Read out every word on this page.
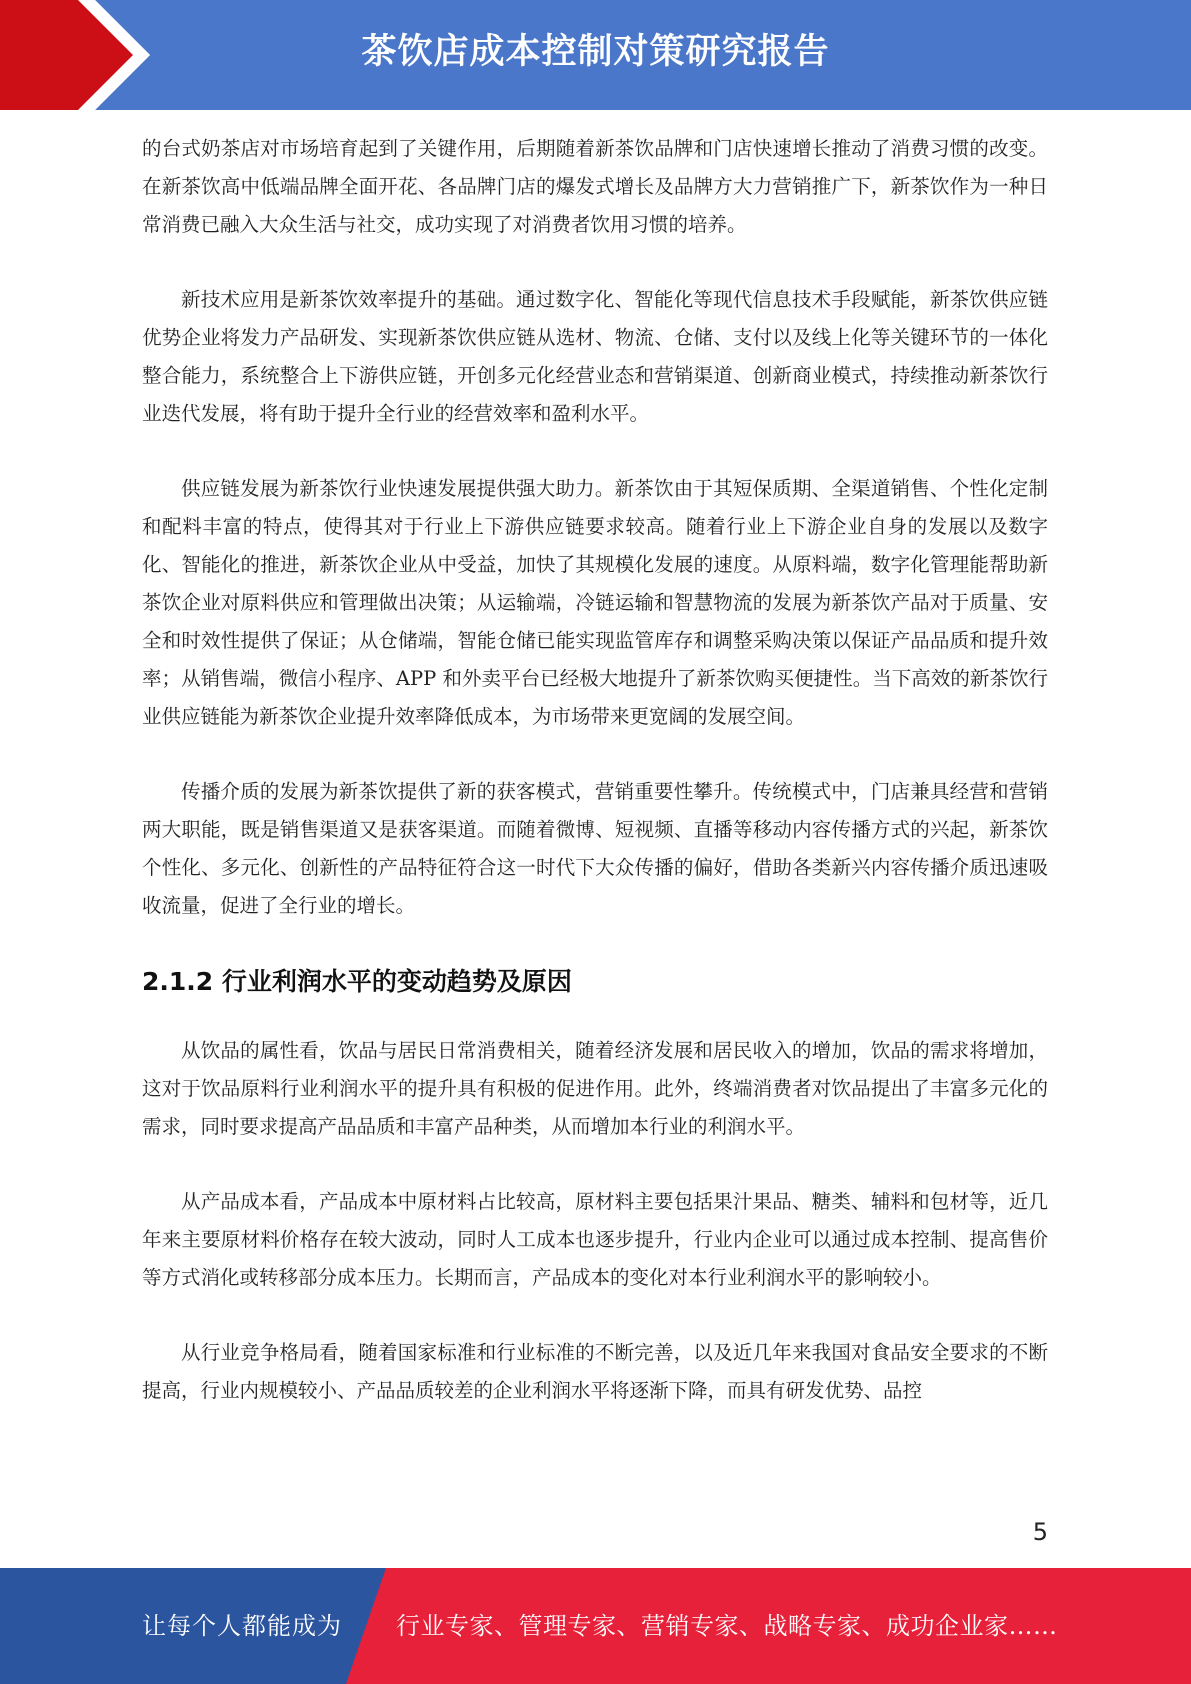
茶饮店成本控制对策研究报告

的台式奶茶店对市场培育起到了关键作用，后期随着新茶饮品牌和门店快速增长推动了消费习惯的改变。在新茶饮高中低端品牌全面开花、各品牌门店的爆发式增长及品牌方大力营销推广下，新茶饮作为一种日常消费已融入大众生活与社交，成功实现了对消费者饮用习惯的培养。

新技术应用是新茶饮效率提升的基础。通过数字化、智能化等现代信息技术手段赋能，新茶饮供应链优势企业将发力产品研发、实现新茶饮供应链从选材、物流、仓储、支付以及线上化等关键环节的一体化整合能力，系统整合上下游供应链，开创多元化经营业态和营销渠道、创新商业模式，持续推动新茶饮行业迭代发展，将有助于提升全行业的经营效率和盈利水平。

供应链发展为新茶饮行业快速发展提供强大助力。新茶饮由于其短保质期、全渠道销售、个性化定制和配料丰富的特点，使得其对于行业上下游供应链要求较高。随着行业上下游企业自身的发展以及数字化、智能化的推进，新茶饮企业从中受益，加快了其规模化发展的速度。从原料端，数字化管理能帮助新茶饮企业对原料供应和管理做出决策；从运输端，冷链运输和智慧物流的发展为新茶饮产品对于质量、安全和时效性提供了保证；从仓储端，智能仓储已能实现监管库存和调整采购决策以保证产品品质和提升效率；从销售端，微信小程序、APP 和外卖平台已经极大地提升了新茶饮购买便捷性。当下高效的新茶饮行业供应链能为新茶饮企业提升效率降低成本，为市场带来更宽阔的发展空间。

传播介质的发展为新茶饮提供了新的获客模式，营销重要性攀升。传统模式中，门店兼具经营和营销两大职能，既是销售渠道又是获客渠道。而随着微博、短视频、直播等移动内容传播方式的兴起，新茶饮个性化、多元化、创新性的产品特征符合这一时代下大众传播的偏好，借助各类新兴内容传播介质迅速吸收流量，促进了全行业的增长。

2.1.2 行业利润水平的变动趋势及原因

从饮品的属性看，饮品与居民日常消费相关，随着经济发展和居民收入的增加，饮品的需求将增加，这对于饮品原料行业利润水平的提升具有积极的促进作用。此外，终端消费者对饮品提出了丰富多元化的需求，同时要求提高产品品质和丰富产品种类，从而增加本行业的利润水平。

从产品成本看，产品成本中原材料占比较高，原材料主要包括果汁果品、糖类、辅料和包材等，近几年来主要原材料价格存在较大波动，同时人工成本也逐步提升，行业内企业可以通过成本控制、提高售价等方式消化或转移部分成本压力。长期而言，产品成本的变化对本行业利润水平的影响较小。

从行业竞争格局看，随着国家标准和行业标准的不断完善，以及近几年来我国对食品安全要求的不断提高，行业内规模较小、产品品质较差的企业利润水平将逐渐下降，而具有研发优势、品控

5
让每个人都能成为 行业专家、管理专家、营销专家、战略专家、成功企业家……
